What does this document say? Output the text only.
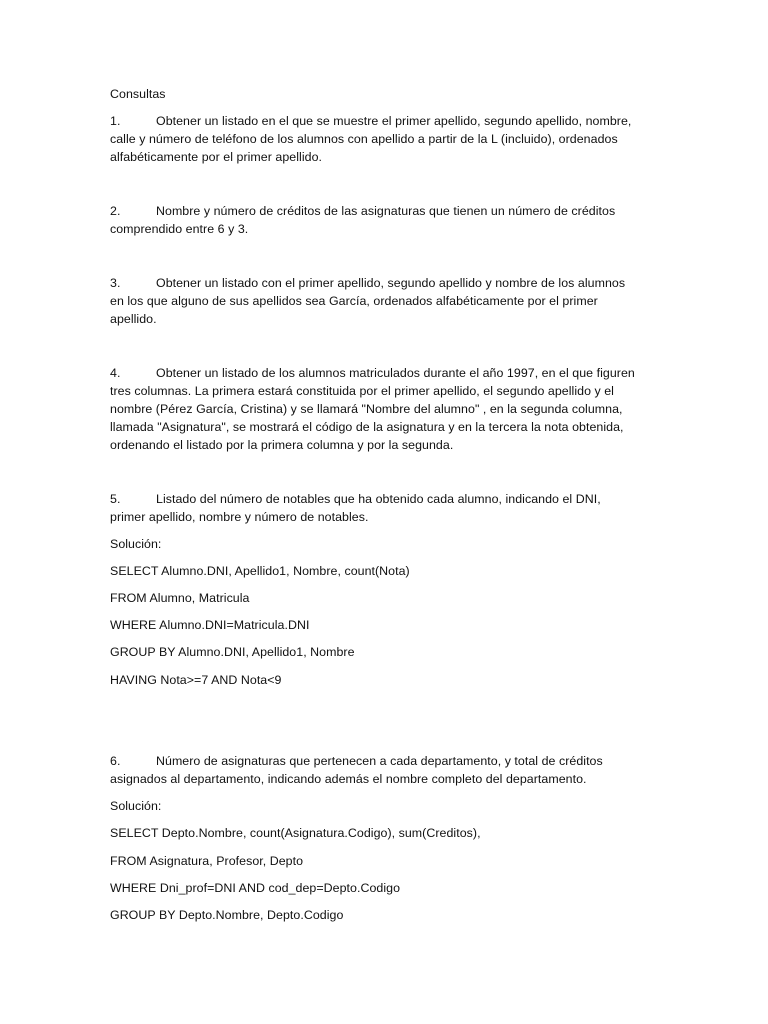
Consultas
1.	Obtener un listado en el que se muestre el primer apellido, segundo apellido, nombre,
calle y número de teléfono de los alumnos con apellido a partir de la L (incluido), ordenados
alfabéticamente por el primer apellido.
2.	Nombre y número de créditos de las asignaturas que tienen un número de créditos
comprendido entre 6 y 3.
3.	Obtener un listado con el primer apellido, segundo apellido y nombre de los alumnos
en los que alguno de sus apellidos sea García, ordenados alfabéticamente por el primer
apellido.
4.	Obtener un listado de los alumnos matriculados durante el año 1997, en el que figuren
tres columnas. La primera estará constituida por el primer apellido, el segundo apellido y el
nombre (Pérez García, Cristina) y se llamará "Nombre del alumno" , en la segunda columna,
llamada "Asignatura", se mostrará el código de la asignatura y en la tercera la nota obtenida,
ordenando el listado por la primera columna y por la segunda.
5.	Listado del número de notables que ha obtenido cada alumno, indicando el DNI,
primer apellido, nombre y número de notables.
Solución:
SELECT Alumno.DNI, Apellido1, Nombre, count(Nota)
FROM Alumno, Matricula
WHERE Alumno.DNI=Matricula.DNI
GROUP BY Alumno.DNI, Apellido1, Nombre
HAVING Nota>=7 AND Nota<9
6.	Número de asignaturas que pertenecen a cada departamento, y total de créditos
asignados al departamento, indicando además el nombre completo del departamento.
Solución:
SELECT Depto.Nombre, count(Asignatura.Codigo), sum(Creditos),
FROM Asignatura, Profesor, Depto
WHERE Dni_prof=DNI AND cod_dep=Depto.Codigo
GROUP BY Depto.Nombre, Depto.Codigo
